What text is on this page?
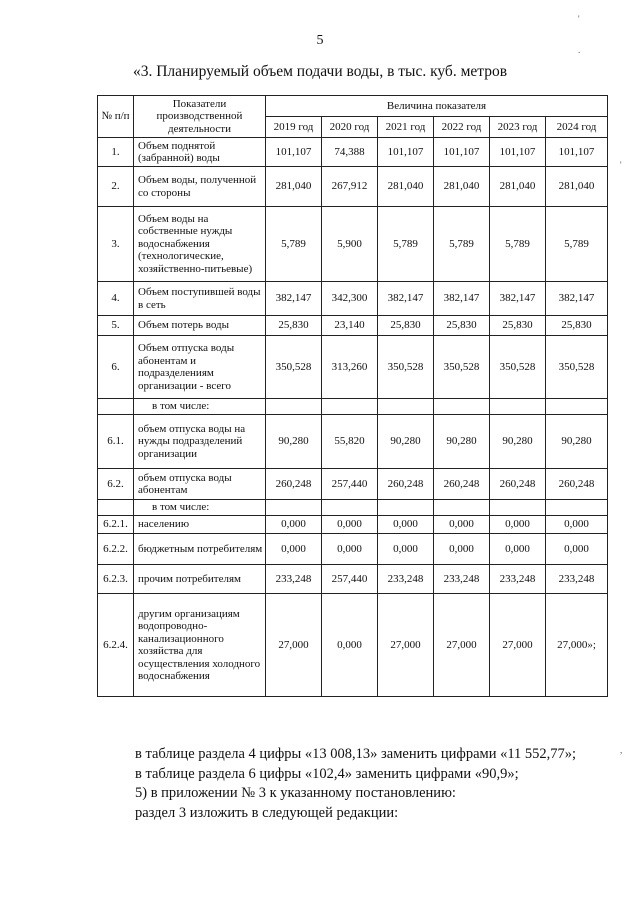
5
«3. Планируемый объем подачи воды, в тыс. куб. метров
№ п/п	Показатели производственной деятельности	Величина показателя					
		2019 год	2020 год	2021 год	2022 год	2023 год	2024 год
1.	Объем поднятой (забранной) воды	101,107	74,388	101,107	101,107	101,107	101,107
2.	Объем воды, полученной со стороны	281,040	267,912	281,040	281,040	281,040	281,040
3.	Объем воды на собственные нужды водоснабжения (технологические, хозяйственно-питьевые)	5,789	5,900	5,789	5,789	5,789	5,789
4.	Объем поступившей воды в сеть	382,147	342,300	382,147	382,147	382,147	382,147
5.	Объем потерь воды	25,830	23,140	25,830	25,830	25,830	25,830
6.	Объем отпуска воды абонентам и подразделениям организации - всего	350,528	313,260	350,528	350,528	350,528	350,528
	в том числе:						
6.1.	объем отпуска воды на нужды подразделений организации	90,280	55,820	90,280	90,280	90,280	90,280
6.2.	объем отпуска воды абонентам	260,248	257,440	260,248	260,248	260,248	260,248
	в том числе:						
6.2.1.	населению	0,000	0,000	0,000	0,000	0,000	0,000
6.2.2.	бюджетным потребителям	0,000	0,000	0,000	0,000	0,000	0,000
6.2.3.	прочим потребителям	233,248	257,440	233,248	233,248	233,248	233,248
6.2.4.	другим организациям водопроводно-канализационного хозяйства для осуществления холодного водоснабжения	27,000	0,000	27,000	27,000	27,000	27,000»;
в таблице раздела 4 цифры «13 008,13» заменить цифрами «11 552,77»;
в таблице раздела 6 цифры «102,4» заменить цифрами «90,9»;
5) в приложении № 3 к указанному постановлению:
раздел 3 изложить в следующей редакции:
'
.
'
,
